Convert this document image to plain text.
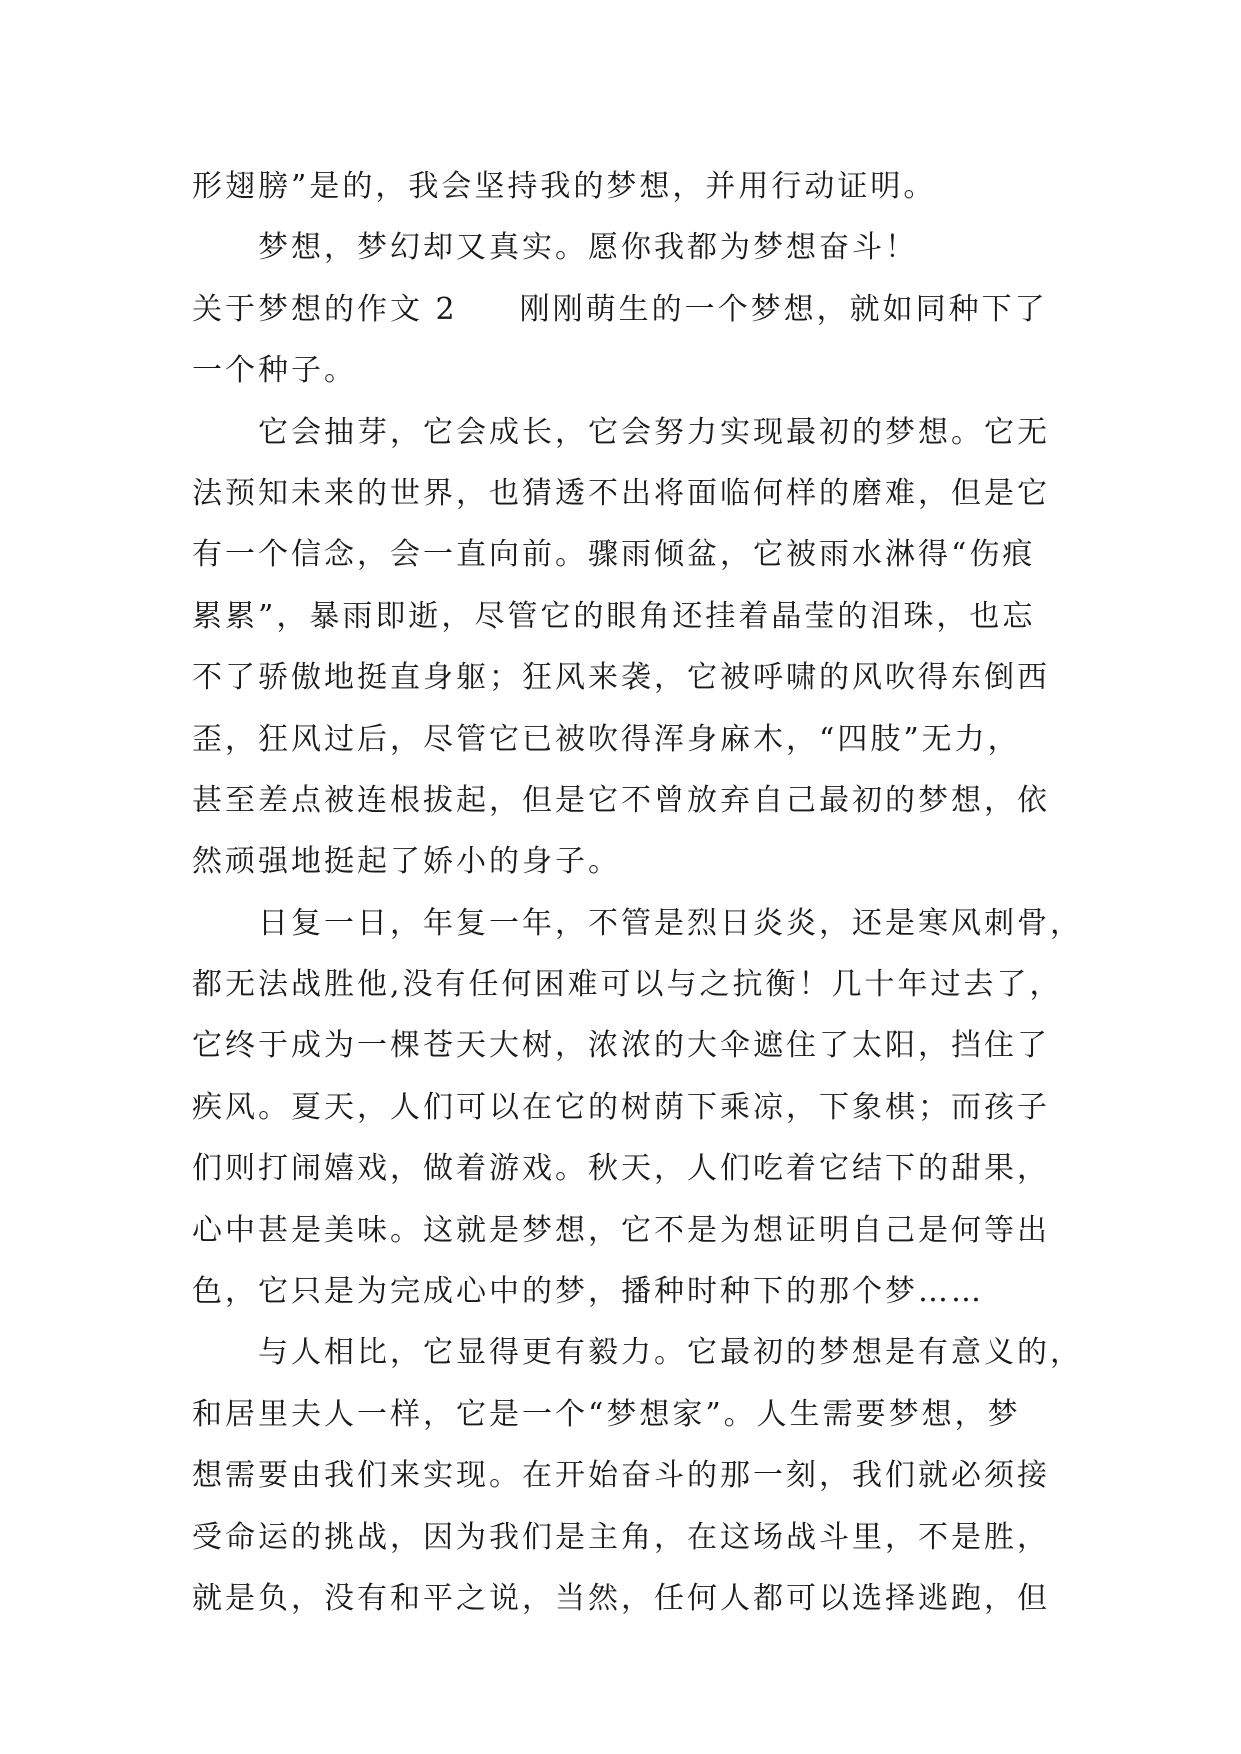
形翅膀”是的，我会坚持我的梦想，并用行动证明。
梦想，梦幻却又真实。愿你我都为梦想奋斗！
关于梦想的作文 2 刚刚萌生的一个梦想，就如同种下了
一个种子。
它会抽芽，它会成长，它会努力实现最初的梦想。它无
法预知未来的世界，也猜透不出将面临何样的磨难，但是它
有一个信念，会一直向前。骤雨倾盆，它被雨水淋得“伤痕
累累”，暴雨即逝，尽管它的眼角还挂着晶莹的泪珠，也忘
不了骄傲地挺直身躯；狂风来袭，它被呼啸的风吹得东倒西
歪，狂风过后，尽管它已被吹得浑身麻木，“四肢”无力，
甚至差点被连根拔起，但是它不曾放弃自己最初的梦想，依
然顽强地挺起了娇小的身子。
日复一日，年复一年，不管是烈日炎炎，还是寒风刺骨，
都无法战胜他,没有任何困难可以与之抗衡！几十年过去了，
它终于成为一棵苍天大树，浓浓的大伞遮住了太阳，挡住了
疾风。夏天，人们可以在它的树荫下乘凉，下象棋；而孩子
们则打闹嬉戏，做着游戏。秋天，人们吃着它结下的甜果，
心中甚是美味。这就是梦想，它不是为想证明自己是何等出
色，它只是为完成心中的梦，播种时种下的那个梦……
与人相比，它显得更有毅力。它最初的梦想是有意义的，
和居里夫人一样，它是一个“梦想家”。人生需要梦想，梦
想需要由我们来实现。在开始奋斗的那一刻，我们就必须接
受命运的挑战，因为我们是主角，在这场战斗里，不是胜，
就是负，没有和平之说，当然，任何人都可以选择逃跑，但
